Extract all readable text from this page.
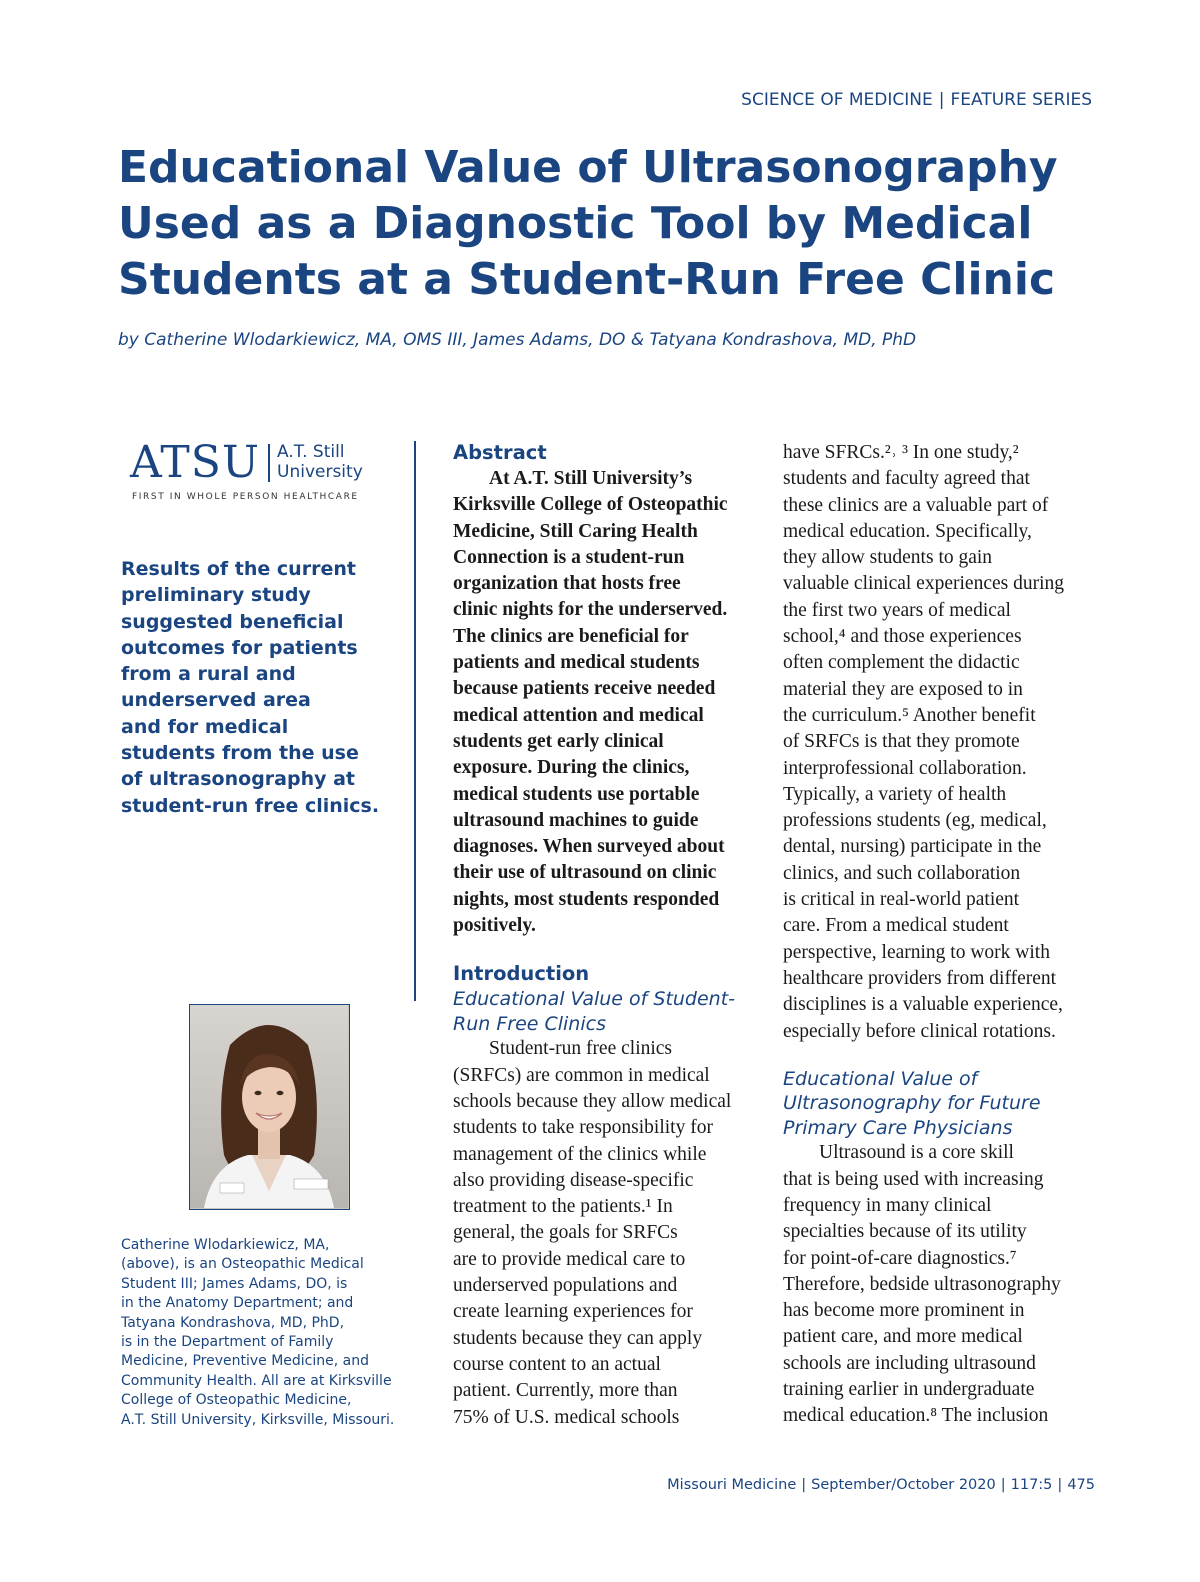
SCIENCE OF MEDICINE | FEATURE SERIES
Educational Value of Ultrasonography Used as a Diagnostic Tool by Medical Students at a Student-Run Free Clinic
by Catherine Wlodarkiewicz, MA, OMS III, James Adams, DO & Tatyana Kondrashova, MD, PhD
ATSU A.T. Still
University
FIRST IN WHOLE PERSON HEALTHCARE
Results of the current
preliminary study
suggested beneficial
outcomes for patients
from a rural and
underserved area
and for medical
students from the use
of ultrasonography at
student-run free clinics.
Catherine Wlodarkiewicz, MA,
(above), is an Osteopathic Medical
Student III; James Adams, DO, is
in the Anatomy Department; and
Tatyana Kondrashova, MD, PhD,
is in the Department of Family
Medicine, Preventive Medicine, and
Community Health. All are at Kirksville
College of Osteopathic Medicine,
A.T. Still University, Kirksville, Missouri.
Abstract
At A.T. Still University’s
Kirksville College of Osteopathic
Medicine, Still Caring Health
Connection is a student-run
organization that hosts free
clinic nights for the underserved.
The clinics are beneficial for
patients and medical students
because patients receive needed
medical attention and medical
students get early clinical
exposure. During the clinics,
medical students use portable
ultrasound machines to guide
diagnoses. When surveyed about
their use of ultrasound on clinic
nights, most students responded
positively.
Introduction
Educational Value of Student-
Run Free Clinics
Student-run free clinics
(SRFCs) are common in medical
schools because they allow medical
students to take responsibility for
management of the clinics while
also providing disease-specific
treatment to the patients.¹ In
general, the goals for SRFCs
are to provide medical care to
underserved populations and
create learning experiences for
students because they can apply
course content to an actual
patient. Currently, more than
75% of U.S. medical schools
have SFRCs.²˒ ³ In one study,²
students and faculty agreed that
these clinics are a valuable part of
medical education. Specifically,
they allow students to gain
valuable clinical experiences during
the first two years of medical
school,⁴ and those experiences
often complement the didactic
material they are exposed to in
the curriculum.⁵ Another benefit
of SRFCs is that they promote
interprofessional collaboration.
Typically, a variety of health
professions students (eg, medical,
dental, nursing) participate in the
clinics, and such collaboration
is critical in real-world patient
care. From a medical student
perspective, learning to work with
healthcare providers from different
disciplines is a valuable experience,
especially before clinical rotations.
Educational Value of
Ultrasonography for Future
Primary Care Physicians
Ultrasound is a core skill
that is being used with increasing
frequency in many clinical
specialties because of its utility
for point-of-care diagnostics.⁷
Therefore, bedside ultrasonography
has become more prominent in
patient care, and more medical
schools are including ultrasound
training earlier in undergraduate
medical education.⁸ The inclusion
Missouri Medicine | September/October 2020 | 117:5 | 475
